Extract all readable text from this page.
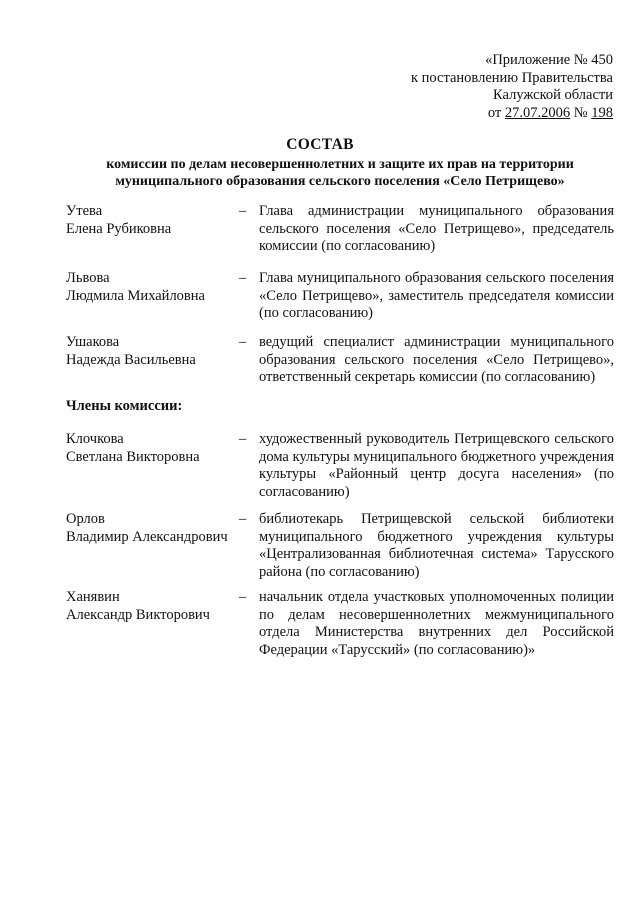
«Приложение № 450
к постановлению Правительства
Калужской области
от 27.07.2006 № 198
СОСТАВ
комиссии по делам несовершеннолетних и защите их прав на территории муниципального образования сельского поселения «Село Петрищево»
Утева
Елена Рубиковна
– Глава администрации муниципального образования сельского поселения «Село Петрищево», председатель комиссии (по согласованию)
Львова
Людмила Михайловна
– Глава муниципального образования сельского поселения «Село Петрищево», заместитель председателя комиссии (по согласованию)
Ушакова
Надежда Васильевна
– ведущий специалист администрации муниципального образования сельского поселения «Село Петрищево», ответственный секретарь комиссии (по согласованию)
Члены комиссии:
Клочкова
Светлана Викторовна
– художественный руководитель Петрищевского сельского дома культуры муниципального бюджетного учреждения культуры «Районный центр досуга населения» (по согласованию)
Орлов
Владимир Александрович
– библиотекарь Петрищевской сельской библиотеки муниципального бюджетного учреждения культуры «Централизованная библиотечная система» Тарусского района (по согласованию)
Ханявин
Александр Викторович
– начальник отдела участковых уполномоченных полиции по делам несовершеннолетних межмуниципального отдела Министерства внутренних дел Российской Федерации «Тарусский» (по согласованию)»
